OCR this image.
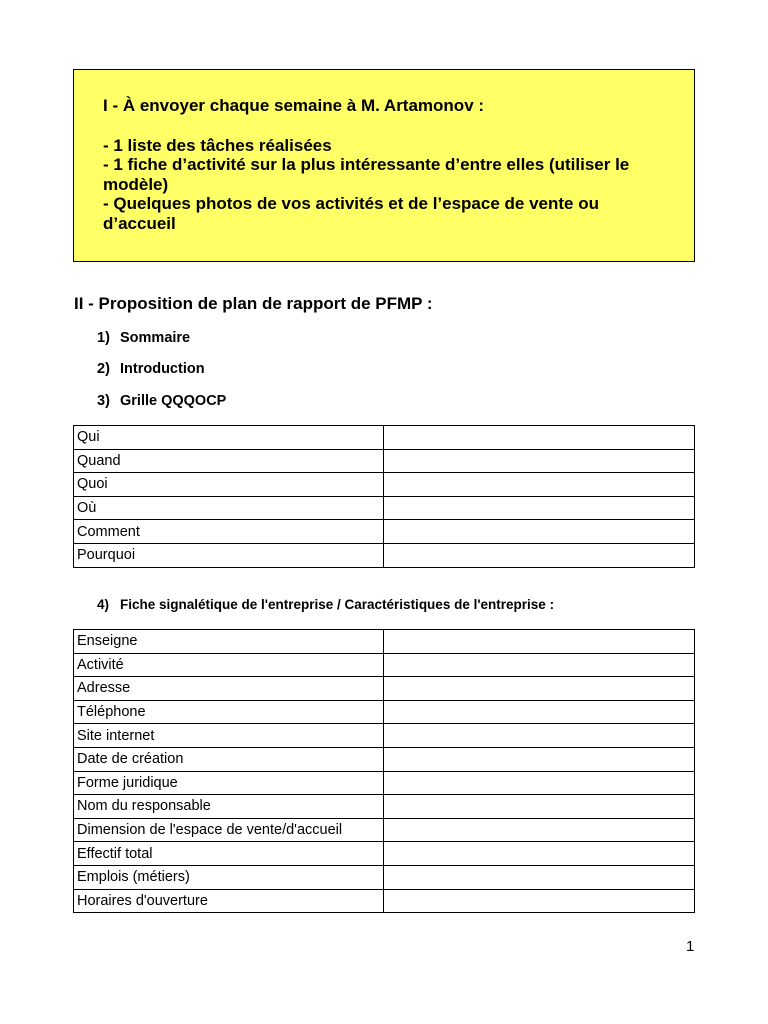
I - À envoyer chaque semaine à M. Artamonov :
- 1 liste des tâches réalisées
- 1 fiche d’activité sur la plus intéressante d’entre elles (utiliser le modèle)
- Quelques photos de vos activités et de l’espace de vente ou d’accueil
II - Proposition de plan de rapport de PFMP :
1) Sommaire
2) Introduction
3) Grille QQQOCP
Qui	
Quand	
Quoi	
Où	
Comment	
Pourquoi	
4) Fiche signalétique de l'entreprise / Caractéristiques de l'entreprise :
Enseigne	
Activité	
Adresse	
Téléphone	
Site internet	
Date de création	
Forme juridique	
Nom du responsable	
Dimension de l'espace de vente/d'accueil	
Effectif total	
Emplois (métiers)	
Horaires d'ouverture	
1
